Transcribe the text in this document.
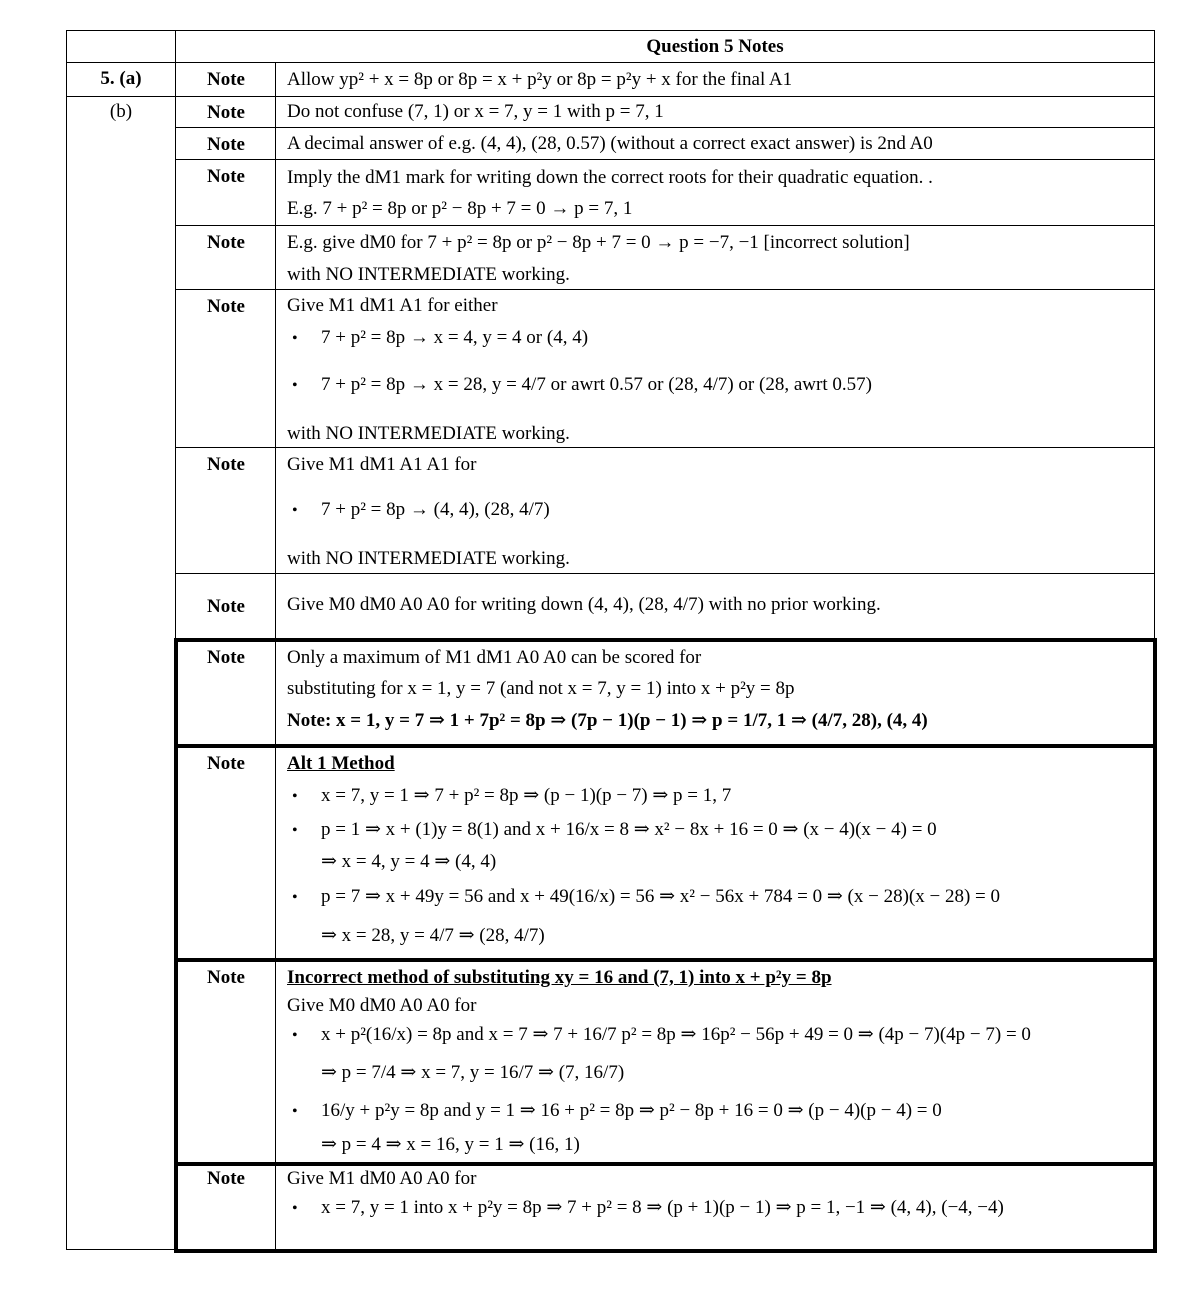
Question 5 Notes
5. (a)
(b)
Note
Note
Note
Note
Note
Note
Note
Note
Note
Note
Note
Note
Allow yp² + x = 8p or 8p = x + p²y or 8p = p²y + x for the final A1
Do not confuse (7, 1) or x = 7, y = 1 with p = 7, 1
A decimal answer of e.g. (4, 4), (28, 0.57) (without a correct exact answer) is 2nd A0
Imply the dM1 mark for writing down the correct roots for their quadratic equation. .
E.g. 7 + p² = 8p or p² − 8p + 7 = 0 → p = 7, 1
E.g. give dM0 for 7 + p² = 8p or p² − 8p + 7 = 0 → p = −7, −1 [incorrect solution]
with NO INTERMEDIATE working.
Give M1 dM1 A1 for either
• 7 + p² = 8p → x = 4, y = 4 or (4, 4)
• 7 + p² = 8p → x = 28, y = 4/7 or awrt 0.57 or (28, 4/7) or (28, awrt 0.57)
with NO INTERMEDIATE working.
Give M1 dM1 A1 A1 for
• 7 + p² = 8p → (4, 4), (28, 4/7)
with NO INTERMEDIATE working.
Give M0 dM0 A0 A0 for writing down (4, 4), (28, 4/7) with no prior working.
Only a maximum of M1 dM1 A0 A0 can be scored for
substituting for x = 1, y = 7 (and not x = 7, y = 1) into x + p²y = 8p
Note: x = 1, y = 7 ⇒ 1 + 7p² = 8p ⇒ (7p − 1)(p − 1) ⇒ p = 1/7, 1 ⇒ (4/7, 28), (4, 4)
Alt 1 Method
• x = 7, y = 1 ⇒ 7 + p² = 8p ⇒ (p − 1)(p − 7) ⇒ p = 1, 7
• p = 1 ⇒ x + (1)y = 8(1) and x + 16/x = 8 ⇒ x² − 8x + 16 = 0 ⇒ (x − 4)(x − 4) = 0
⇒ x = 4, y = 4 ⇒ (4, 4)
• p = 7 ⇒ x + 49y = 56 and x + 49(16/x) = 56 ⇒ x² − 56x + 784 = 0 ⇒ (x − 28)(x − 28) = 0
⇒ x = 28, y = 4/7 ⇒ (28, 4/7)
Incorrect method of substituting xy = 16 and (7, 1) into x + p²y = 8p
Give M0 dM0 A0 A0 for
• x + p²(16/x) = 8p and x = 7 ⇒ 7 + 16/7 p² = 8p ⇒ 16p² − 56p + 49 = 0 ⇒ (4p − 7)(4p − 7) = 0
⇒ p = 7/4 ⇒ x = 7, y = 16/7 ⇒ (7, 16/7)
• 16/y + p²y = 8p and y = 1 ⇒ 16 + p² = 8p ⇒ p² − 8p + 16 = 0 ⇒ (p − 4)(p − 4) = 0
⇒ p = 4 ⇒ x = 16, y = 1 ⇒ (16, 1)
Give M1 dM0 A0 A0 for
• x = 7, y = 1 into x + p²y = 8p ⇒ 7 + p² = 8 ⇒ (p + 1)(p − 1) ⇒ p = 1, −1 ⇒ (4, 4), (−4, −4)
